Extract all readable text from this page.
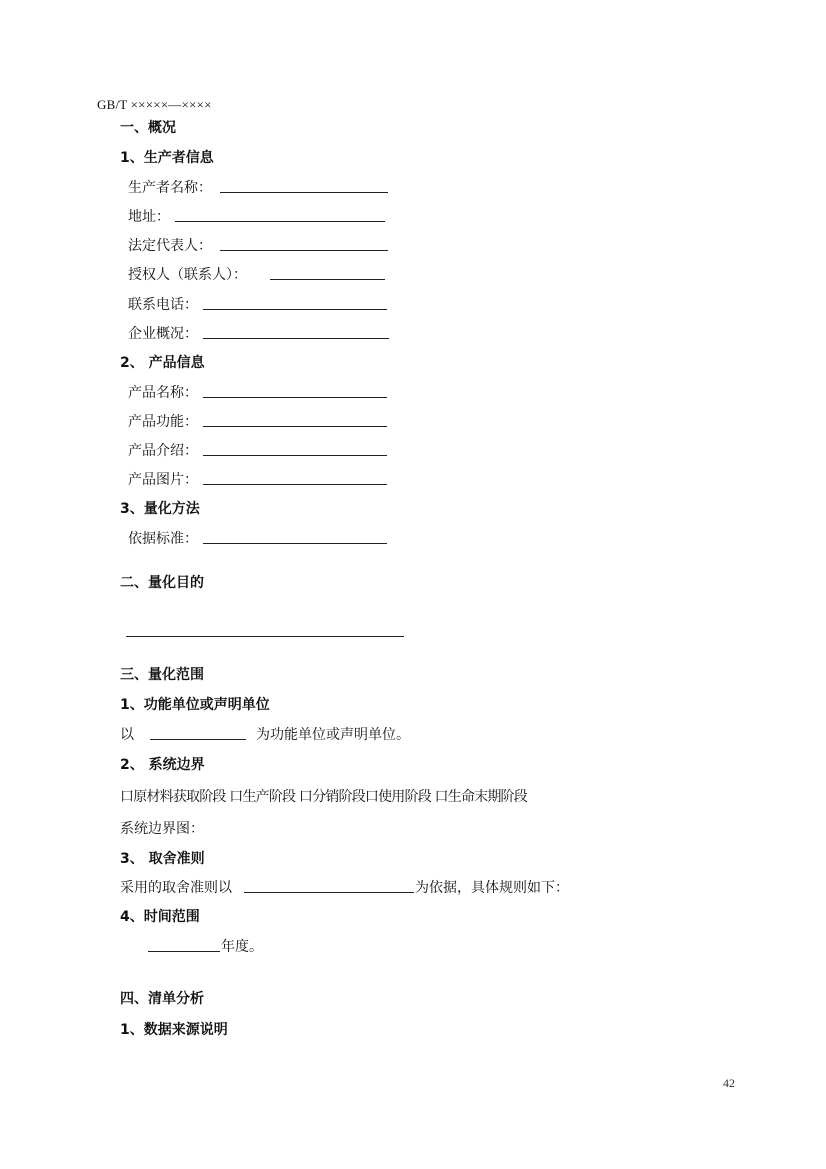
GB/T ×××××—××××
一、概况
1、生产者信息
生产者名称：
地址：
法定代表人：
授权人（联系人）：
联系电话：
企业概况：
2、 产品信息
产品名称：
产品功能：
产品介绍：
产品图片：
3、量化方法
依据标准：
二、量化目的
三、量化范围
1、功能单位或声明单位
以	为功能单位或声明单位。
2、 系统边界
口原材料获取阶段 口生产阶段 口分销阶段口使用阶段 口生命末期阶段
系统边界图：
3、 取舍准则
采用的取舍准则以	为依据，具体规则如下：
4、时间范围
年度。
四、清单分析
1、数据来源说明
42
